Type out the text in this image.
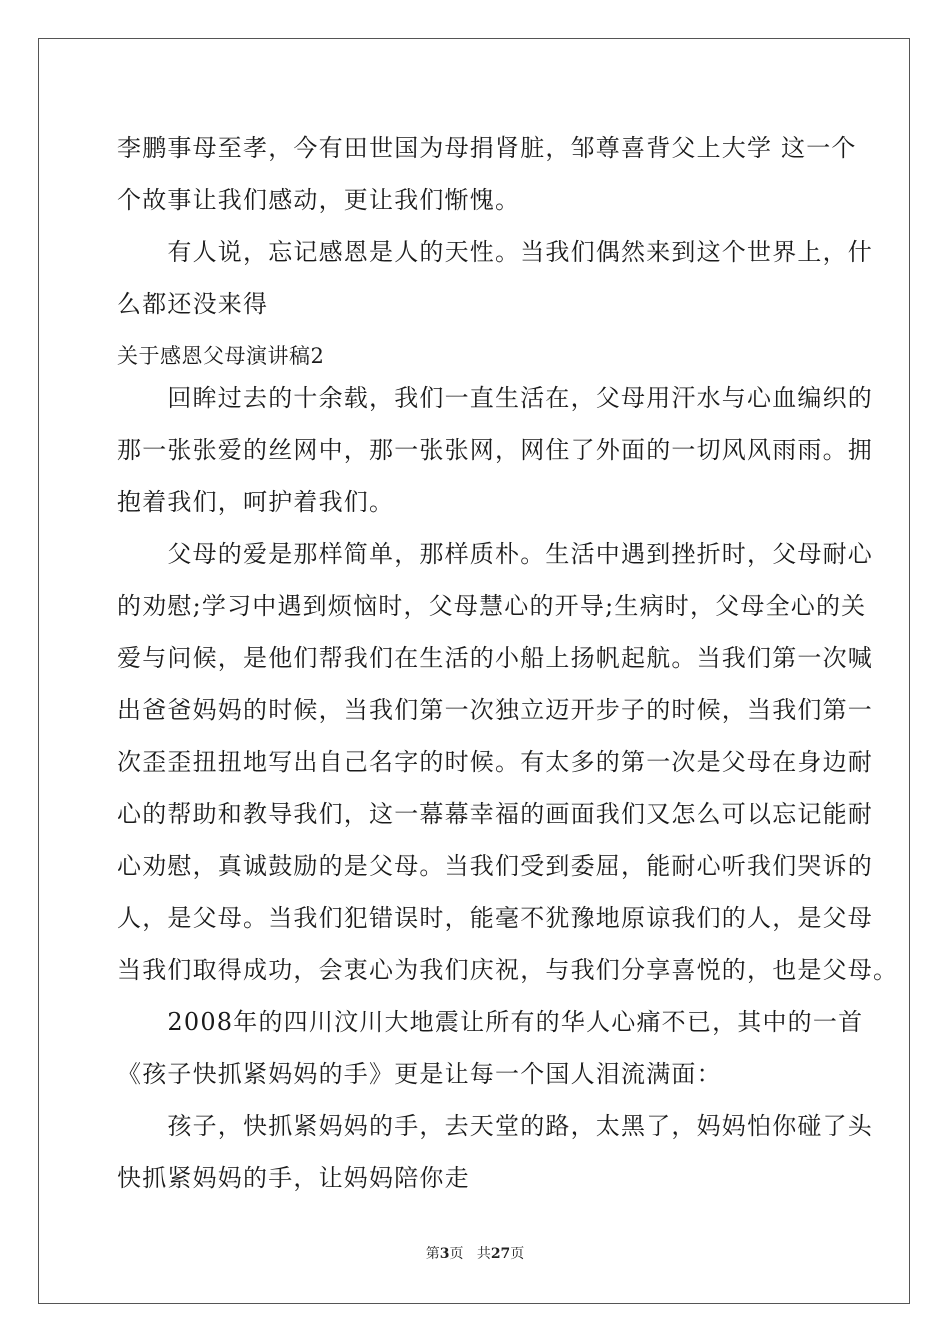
李鹏事母至孝，今有田世国为母捐肾脏，邹尊喜背父上大学 这一个
个故事让我们感动，更让我们惭愧。
　　有人说，忘记感恩是人的天性。当我们偶然来到这个世界上，什
么都还没来得
关于感恩父母演讲稿2
　　回眸过去的十余载，我们一直生活在，父母用汗水与心血编织的
那一张张爱的丝网中，那一张张网，网住了外面的一切风风雨雨。拥
抱着我们，呵护着我们。
　　父母的爱是那样简单，那样质朴。生活中遇到挫折时，父母耐心
的劝慰;学习中遇到烦恼时，父母慧心的开导;生病时，父母全心的关
爱与问候，是他们帮我们在生活的小船上扬帆起航。当我们第一次喊
出爸爸妈妈的时候，当我们第一次独立迈开步子的时候，当我们第一
次歪歪扭扭地写出自己名字的时候。有太多的第一次是父母在身边耐
心的帮助和教导我们，这一幕幕幸福的画面我们又怎么可以忘记能耐
心劝慰，真诚鼓励的是父母。当我们受到委屈，能耐心听我们哭诉的
人，是父母。当我们犯错误时，能毫不犹豫地原谅我们的人，是父母
当我们取得成功，会衷心为我们庆祝，与我们分享喜悦的，也是父母。
　　2008年的四川汶川大地震让所有的华人心痛不已，其中的一首
《孩子快抓紧妈妈的手》更是让每一个国人泪流满面：
　　孩子，快抓紧妈妈的手，去天堂的路，太黑了，妈妈怕你碰了头
快抓紧妈妈的手，让妈妈陪你走
第3页 共27页
